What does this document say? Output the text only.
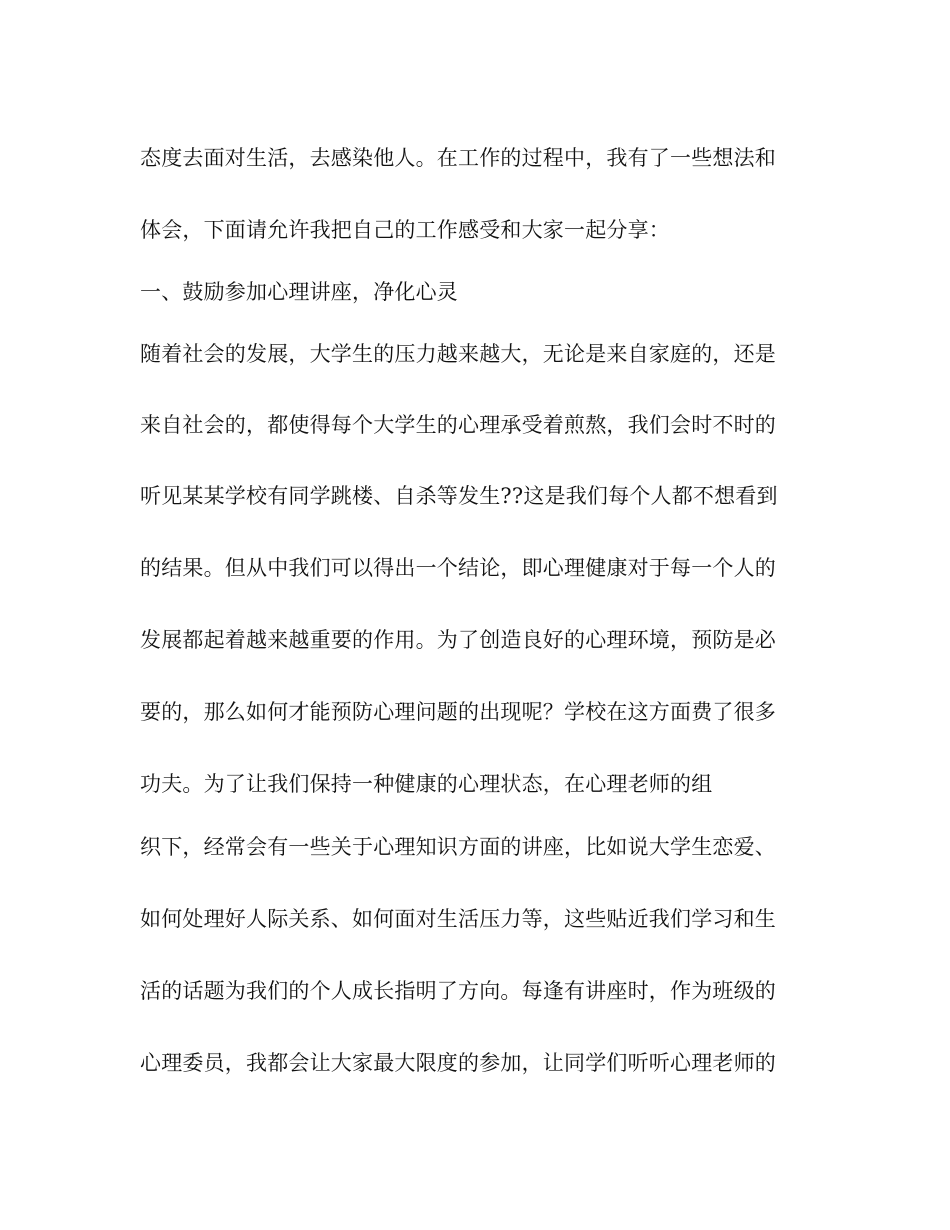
态度去面对生活，去感染他人。在工作的过程中，我有了一些想法和
体会，下面请允许我把自己的工作感受和大家一起分享：
一、鼓励参加心理讲座，净化心灵
随着社会的发展，大学生的压力越来越大，无论是来自家庭的，还是
来自社会的，都使得每个大学生的心理承受着煎熬，我们会时不时的
听见某某学校有同学跳楼、自杀等发生??这是我们每个人都不想看到
的结果。但从中我们可以得出一个结论，即心理健康对于每一个人的
发展都起着越来越重要的作用。为了创造良好的心理环境，预防是必
要的，那么如何才能预防心理问题的出现呢？学校在这方面费了很多
功夫。为了让我们保持一种健康的心理状态，在心理老师的组
织下，经常会有一些关于心理知识方面的讲座，比如说大学生恋爱、
如何处理好人际关系、如何面对生活压力等，这些贴近我们学习和生
活的话题为我们的个人成长指明了方向。每逢有讲座时，作为班级的
心理委员，我都会让大家最大限度的参加，让同学们听听心理老师的
